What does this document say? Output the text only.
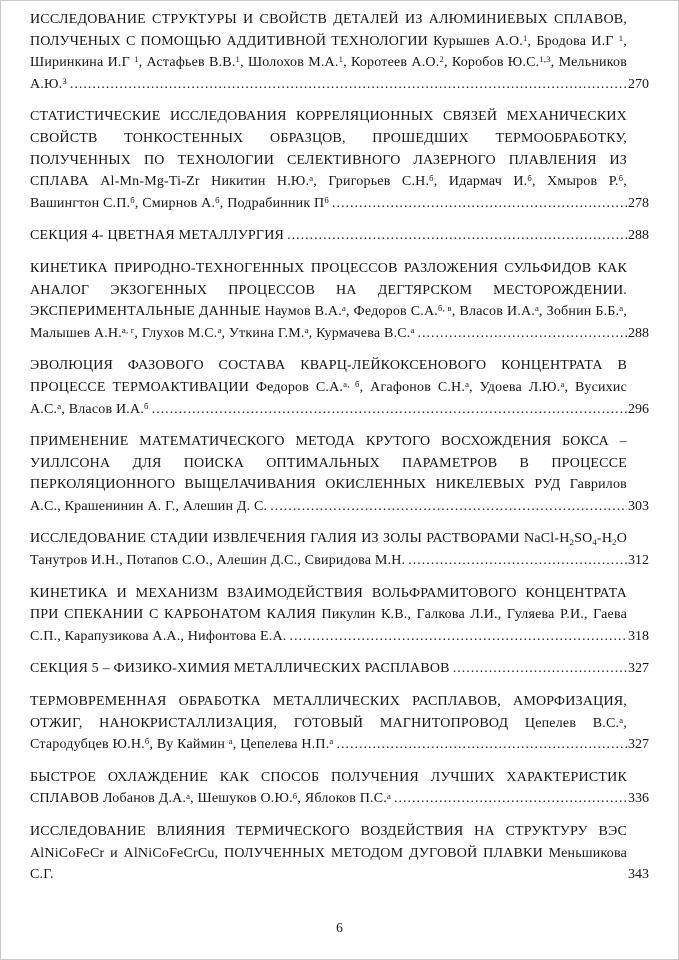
ИССЛЕДОВАНИЕ СТРУКТУРЫ И СВОЙСТВ ДЕТАЛЕЙ ИЗ АЛЮМИНИЕВЫХ СПЛАВОВ, ПОЛУЧЕНЫХ С ПОМОЩЬЮ АДДИТИВНОЙ ТЕХНОЛОГИИ Курышев А.О.$^1$, Бродова И.Г $^1$, Ширинкина И.Г $^1$, Астафьев В.В.$^1$, Шолохов М.А.$^1$, Коротеев А.О.$^2$, Коробов Ю.С.$^{1,3}$, Мельников А.Ю.$^3$ .....	270
СТАТИСТИЧЕСКИЕ ИССЛЕДОВАНИЯ КОРРЕЛЯЦИОННЫХ СВЯЗЕЙ МЕХАНИЧЕСКИХ СВОЙСТВ ТОНКОСТЕННЫХ ОБРАЗЦОВ, ПРОШЕДШИХ ТЕРМООБРАБОТКУ, ПОЛУЧЕННЫХ ПО ТЕХНОЛОГИИ СЕЛЕКТИВНОГО ЛАЗЕРНОГО ПЛАВЛЕНИЯ ИЗ СПЛАВА Al-Mn-Mg-Ti-Zr Никитин Н.Ю.$^а$, Григорьев С.Н.$^б$, Идармач И.$^б$, Хмыров Р.$^б$, Вашингтон С.П.$^б$, Смирнов А.$^б$, Подрабинник $П^б$ .....	278
СЕКЦИЯ 4- ЦВЕТНАЯ МЕТАЛЛУРГИЯ .....	288
КИНЕТИКА ПРИРОДНО-ТЕХНОГЕННЫХ ПРОЦЕССОВ РАЗЛОЖЕНИЯ СУЛЬФИДОВ КАК АНАЛОГ ЭКЗОГЕННЫХ ПРОЦЕССОВ НА ДЕГТЯРСКОМ МЕСТОРОЖДЕНИИ. ЭКСПЕРИМЕНТАЛЬНЫЕ ДАННЫЕ Наумов В.А.$^а$, Федоров С.А.$^{б, в}$, Власов И.А.$^а$, Зобнин Б.Б.$^а$, Малышев А.Н.$^{а, г}$, Глухов М.С.$^а$, Уткина Г.М.$^а$, Курмачева В.С.$^а$ .....	288
ЭВОЛЮЦИЯ ФАЗОВОГО СОСТАВА КВАРЦ-ЛЕЙКОКСЕНОВОГО КОНЦЕНТРАТА В ПРОЦЕССЕ ТЕРМОАКТИВАЦИИ Федоров С.А.$^{а, б}$, Агафонов С.Н.$^а$, Удоева Л.Ю.$^а$, Вусихис А.С.$^а$, Власов И.А.$^б$ .....	296
ПРИМЕНЕНИЕ МАТЕМАТИЧЕСКОГО МЕТОДА КРУТОГО ВОСХОЖДЕНИЯ БОКСА – УИЛЛСОНА ДЛЯ ПОИСКА ОПТИМАЛЬНЫХ ПАРАМЕТРОВ В ПРОЦЕССЕ ПЕРКОЛЯЦИОННОГО ВЫЩЕЛАЧИВАНИЯ ОКИСЛЕННЫХ НИКЕЛЕВЫХ РУД Гаврилов А.С., Крашенинин А. Г., Алешин Д. С. .....	303
ИССЛЕДОВАНИЕ СТАДИИ ИЗВЛЕЧЕНИЯ ГАЛИЯ ИЗ ЗОЛЫ РАСТВОРАМИ NaCl-$H_2SO_4-H_2O$ Танутров И.Н., Потапов С.О., Алешин Д.С., Свиридова М.Н. .....	312
КИНЕТИКА И МЕХАНИЗМ ВЗАИМОДЕЙСТВИЯ ВОЛЬФРАМИТОВОГО КОНЦЕНТРАТА ПРИ СПЕКАНИИ С КАРБОНАТОМ КАЛИЯ Пикулин К.В., Галкова Л.И., Гуляева Р.И., Гаева С.П., Карапузикова А.А., Нифонтова Е.А. .....	318
СЕКЦИЯ 5 – ФИЗИКО-ХИМИЯ МЕТАЛЛИЧЕСКИХ РАСПЛАВОВ .....	327
ТЕРМОВРЕМЕННАЯ ОБРАБОТКА МЕТАЛЛИЧЕСКИХ РАСПЛАВОВ, АМОРФИЗАЦИЯ, ОТЖИГ, НАНОКРИСТАЛЛИЗАЦИЯ, ГОТОВЫЙ МАГНИТОПРОВОД Цепелев В.С.$^а$, Стародубцев Ю.Н.$^б$, Ву Каймин $^а$, Цепелева Н.П.$^а$ .....	327
БЫСТРОЕ ОХЛАЖДЕНИЕ КАК СПОСОБ ПОЛУЧЕНИЯ ЛУЧШИХ ХАРАКТЕРИСТИК СПЛАВОВ Лобанов Д.А.$^а$, Шешуков О.Ю.$^б$, Яблоков П.С.$^а$ .....	336
ИССЛЕДОВАНИЕ ВЛИЯНИЯ ТЕРМИЧЕСКОГО ВОЗДЕЙСТВИЯ НА СТРУКТУРУ ВЭС AlNiCoFeCr и AlNiCoFeCrCu, ПОЛУЧЕННЫХ МЕТОДОМ ДУГОВОЙ ПЛАВКИ Меньшикова С.Г.	343
6
